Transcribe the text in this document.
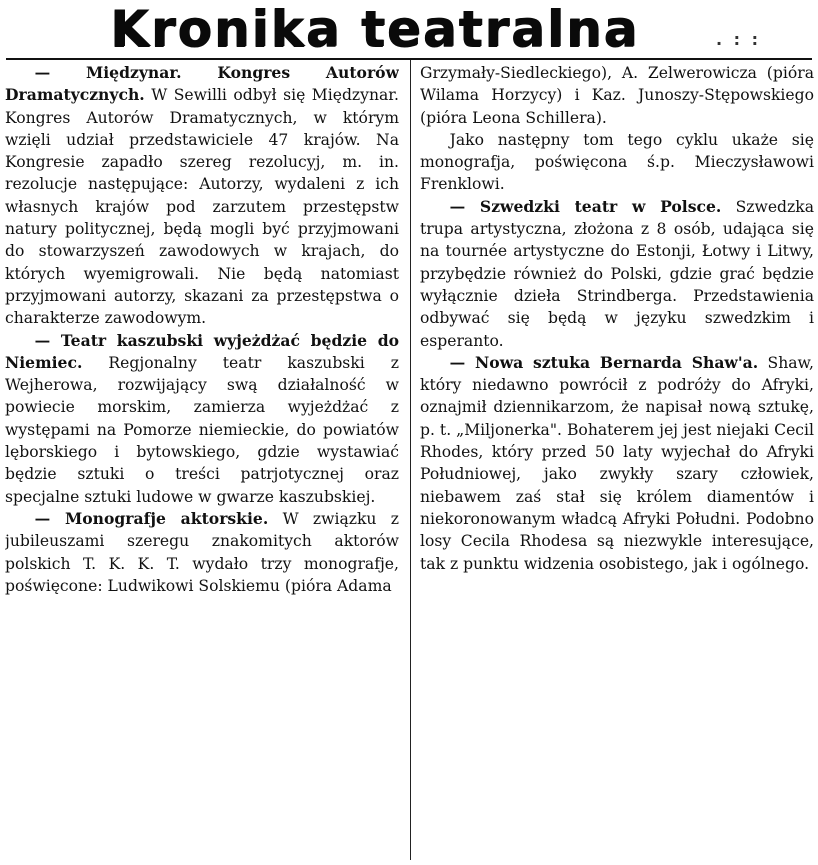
Kronika teatralna	. : :

— Międzynar. Kongres Autorów Dramatycznych. W Sewilli odbył się Międzynar. Kongres Autorów Dramatycznych, w którym wzięli udział przedstawiciele 47 krajów. Na Kongresie zapadło szereg rezolucyj, m. in. rezolucje następujące: Autorzy, wydaleni z ich własnych krajów pod zarzutem przestępstw natury politycznej, będą mogli być przyjmowani do stowarzyszeń zawodowych w krajach, do których wyemigrowali. Nie będą natomiast przyjmowani autorzy, skazani za przestępstwa o charakterze zawodowym.

— Teatr kaszubski wyjeżdżać będzie do Niemiec. Regjonalny teatr kaszubski z Wejherowa, rozwijający swą działalność w powiecie morskim, zamierza wyjeżdżać z występami na Pomorze niemieckie, do powiatów lęborskiego i bytowskiego, gdzie wystawiać będzie sztuki o treści patrjotycznej oraz specjalne sztuki ludowe w gwarze kaszubskiej.

— Monografje aktorskie. W związku z jubileuszami szeregu znakomitych aktorów polskich T. K. K. T. wydało trzy monografje, poświęcone: Ludwikowi Solskiemu (pióra Adama

Grzymały-Siedleckiego), A. Zelwerowicza (pióra Wilama Horzycy) i Kaz. Junoszy-Stępowskiego (pióra Leona Schillera).

Jako następny tom tego cyklu ukaże się monografja, poświęcona ś.p. Mieczysławowi Frenklowi.

— Szwedzki teatr w Polsce. Szwedzka trupa artystyczna, złożona z 8 osób, udająca się na tournée artystyczne do Estonji, Łotwy i Litwy, przybędzie również do Polski, gdzie grać będzie wyłącznie dzieła Strindberga. Przedstawienia odbywać się będą w języku szwedzkim i esperanto.

— Nowa sztuka Bernarda Shaw'a. Shaw, który niedawno powrócił z podróży do Afryki, oznajmił dziennikarzom, że napisał nową sztukę, p. t. „Miljonerka". Bohaterem jej jest niejaki Cecil Rhodes, który przed 50 laty wyjechał do Afryki Południowej, jako zwykły szary człowiek, niebawem zaś stał się królem diamentów i niekoronowanym władcą Afryki Południ. Podobno losy Cecila Rhodesa są niezwykle interesujące, tak z punktu widzenia osobistego, jak i ogólnego.
